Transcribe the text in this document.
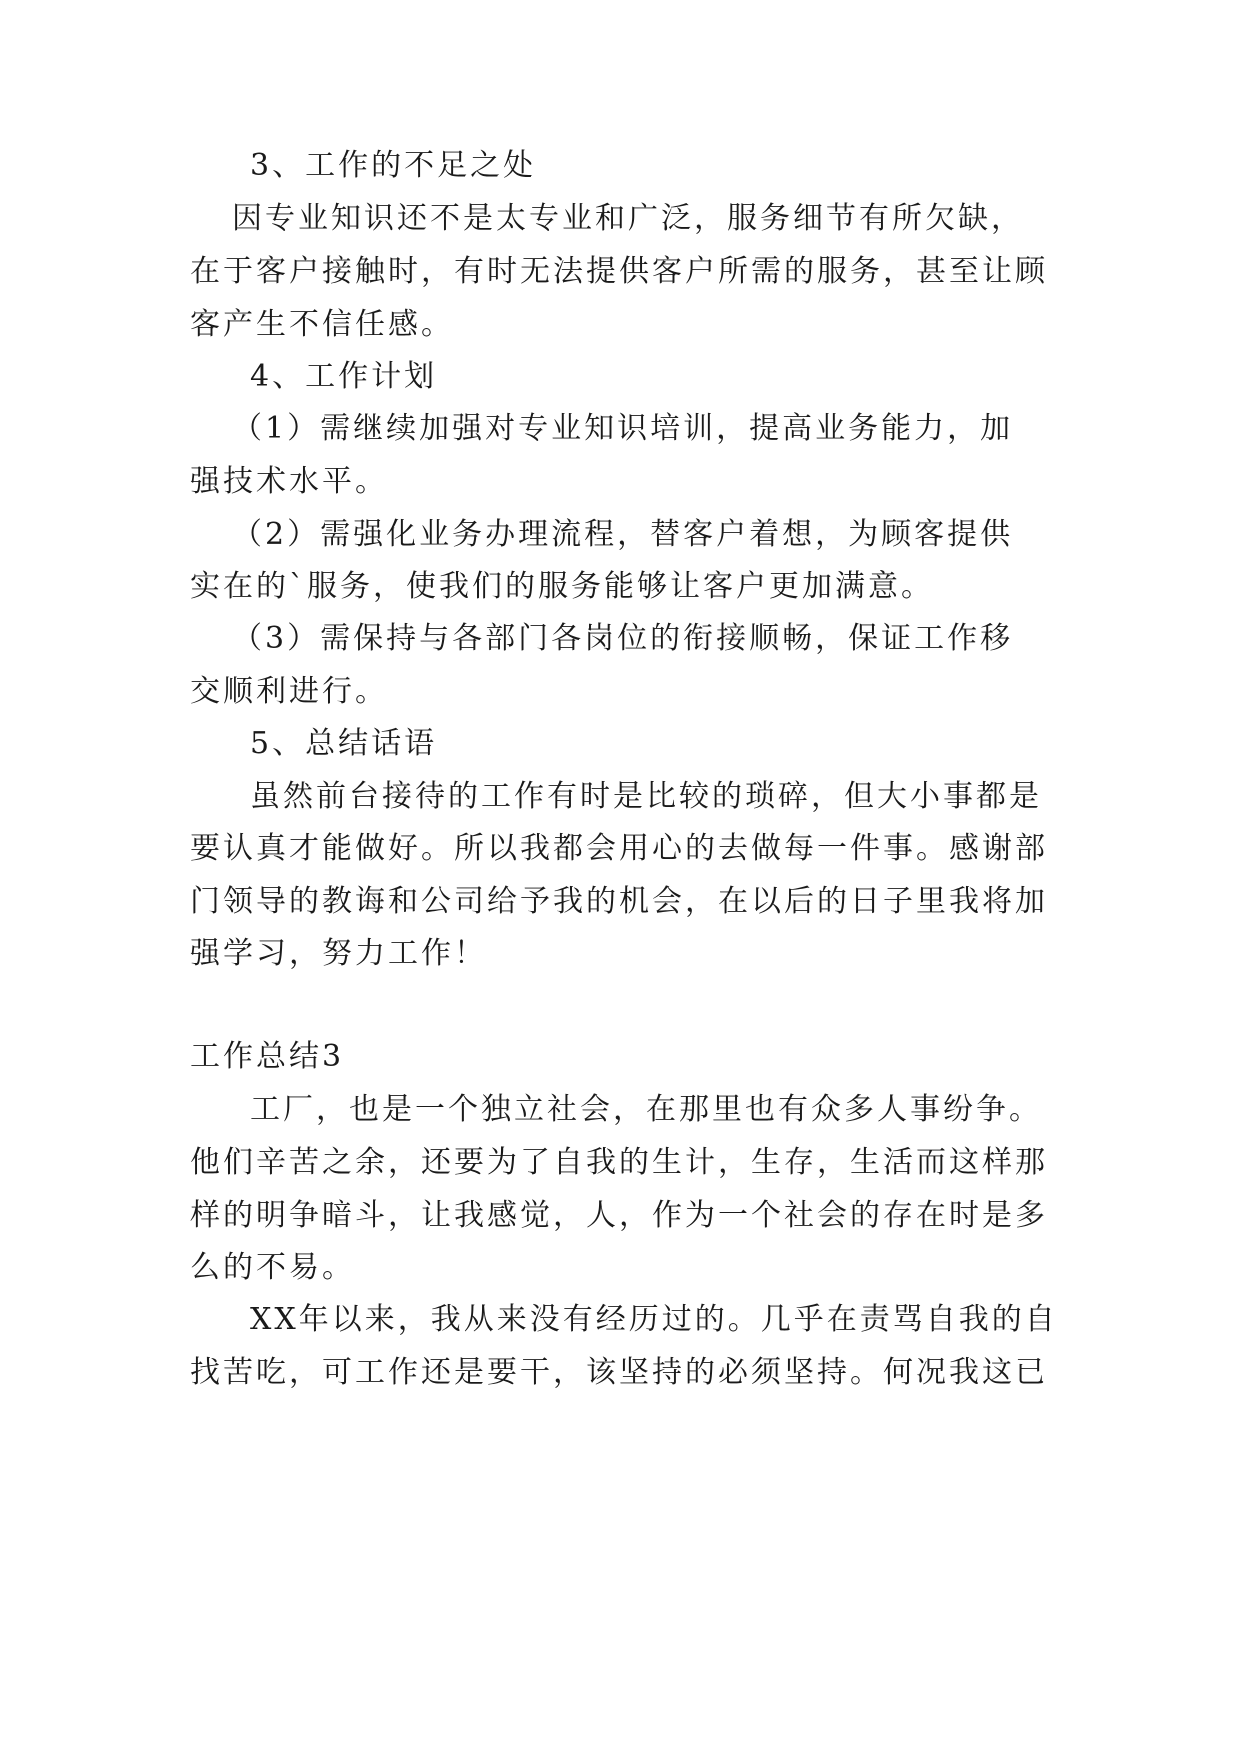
3、工作的不足之处
因专业知识还不是太专业和广泛，服务细节有所欠缺，
在于客户接触时，有时无法提供客户所需的服务，甚至让顾
客产生不信任感。
4、工作计划
（1）需继续加强对专业知识培训，提高业务能力，加
强技术水平。
（2）需强化业务办理流程，替客户着想，为顾客提供
实在的`服务，使我们的服务能够让客户更加满意。
（3）需保持与各部门各岗位的衔接顺畅，保证工作移
交顺利进行。
5、总结话语
虽然前台接待的工作有时是比较的琐碎，但大小事都是
要认真才能做好。所以我都会用心的去做每一件事。感谢部
门领导的教诲和公司给予我的机会，在以后的日子里我将加
强学习，努力工作！
工作总结3
工厂，也是一个独立社会，在那里也有众多人事纷争。
他们辛苦之余，还要为了自我的生计，生存，生活而这样那
样的明争暗斗，让我感觉，人，作为一个社会的存在时是多
么的不易。
XX年以来，我从来没有经历过的。几乎在责骂自我的自
找苦吃，可工作还是要干，该坚持的必须坚持。何况我这已
